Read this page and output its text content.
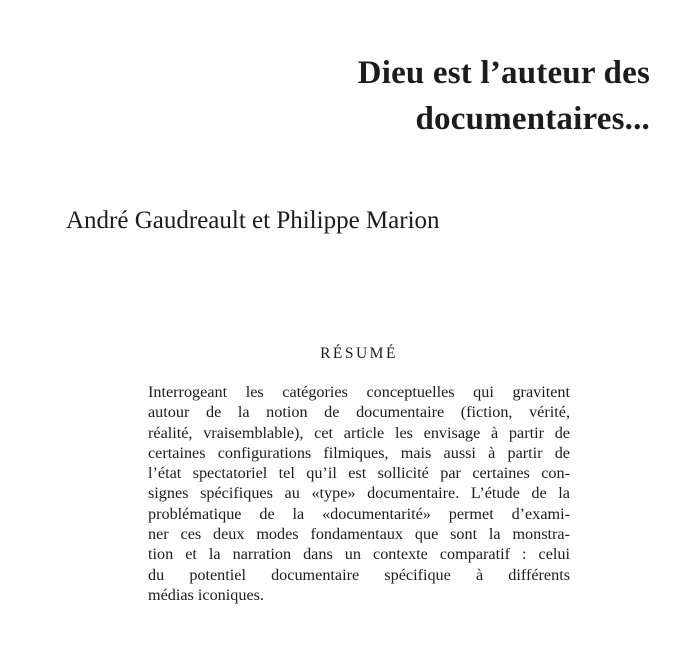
Dieu est l’auteur des
documentaires...

André Gaudreault et Philippe Marion

RÉSUMÉ
Interrogeant les catégories conceptuelles qui gravitent
autour de la notion de documentaire (fiction, vérité,
réalité, vraisemblable), cet article les envisage à partir de
certaines configurations filmiques, mais aussi à partir de
l’état spectatoriel tel qu’il est sollicité par certaines con-
signes spécifiques au «type» documentaire. L’étude de la
problématique de la «documentarité» permet d’exami-
ner ces deux modes fondamentaux que sont la monstra-
tion et la narration dans un contexte comparatif : celui
du potentiel documentaire spécifique à différents
médias iconiques.
